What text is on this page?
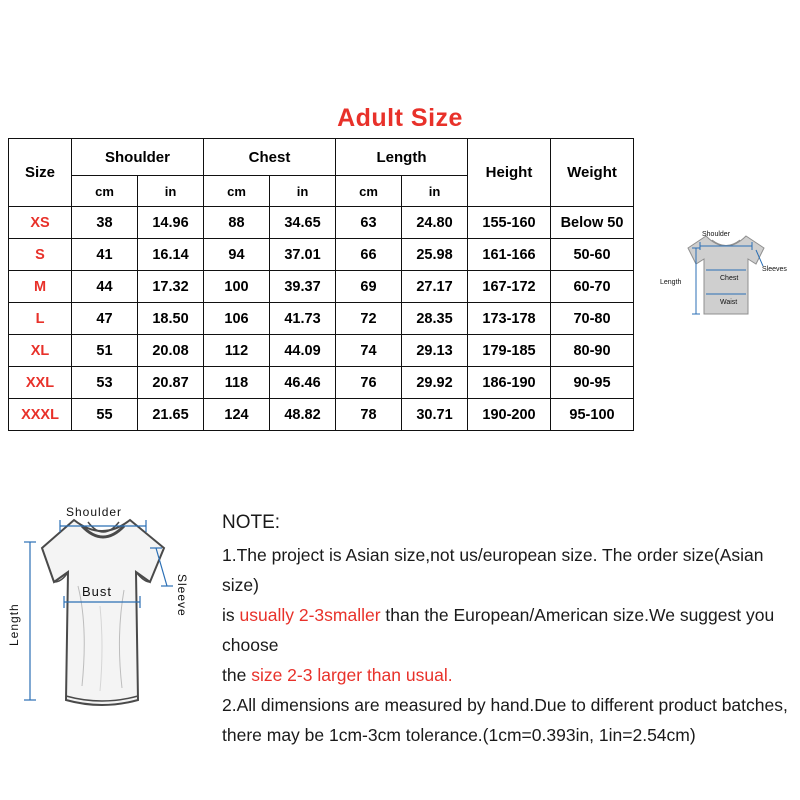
Adult Size
Size	Shoulder		Chest		Length		Height	Weight
	cm	in	cm	in	cm	in		
XS	38	14.96	88	34.65	63	24.80	155-160	Below 50
S	41	16.14	94	37.01	66	25.98	161-166	50-60
M	44	17.32	100	39.37	69	27.17	167-172	60-70
L	47	18.50	106	41.73	72	28.35	173-178	70-80
XL	51	20.08	112	44.09	74	29.13	179-185	80-90
XXL	53	20.87	118	46.46	76	29.92	186-190	90-95
XXXL	55	21.65	124	48.82	78	30.71	190-200	95-100
Shoulder
Sleeves
Length
Chest
Waist
Shoulder
Sleeve
Length
Bust
NOTE:
1.The project is Asian size,not us/european size. The order size(Asian size)
is usually 2-3smaller than the European/American size.We suggest you choose
the size 2-3 larger than usual.
2.All dimensions are measured by hand.Due to different product batches,
there may be 1cm-3cm tolerance.(1cm=0.393in, 1in=2.54cm)
